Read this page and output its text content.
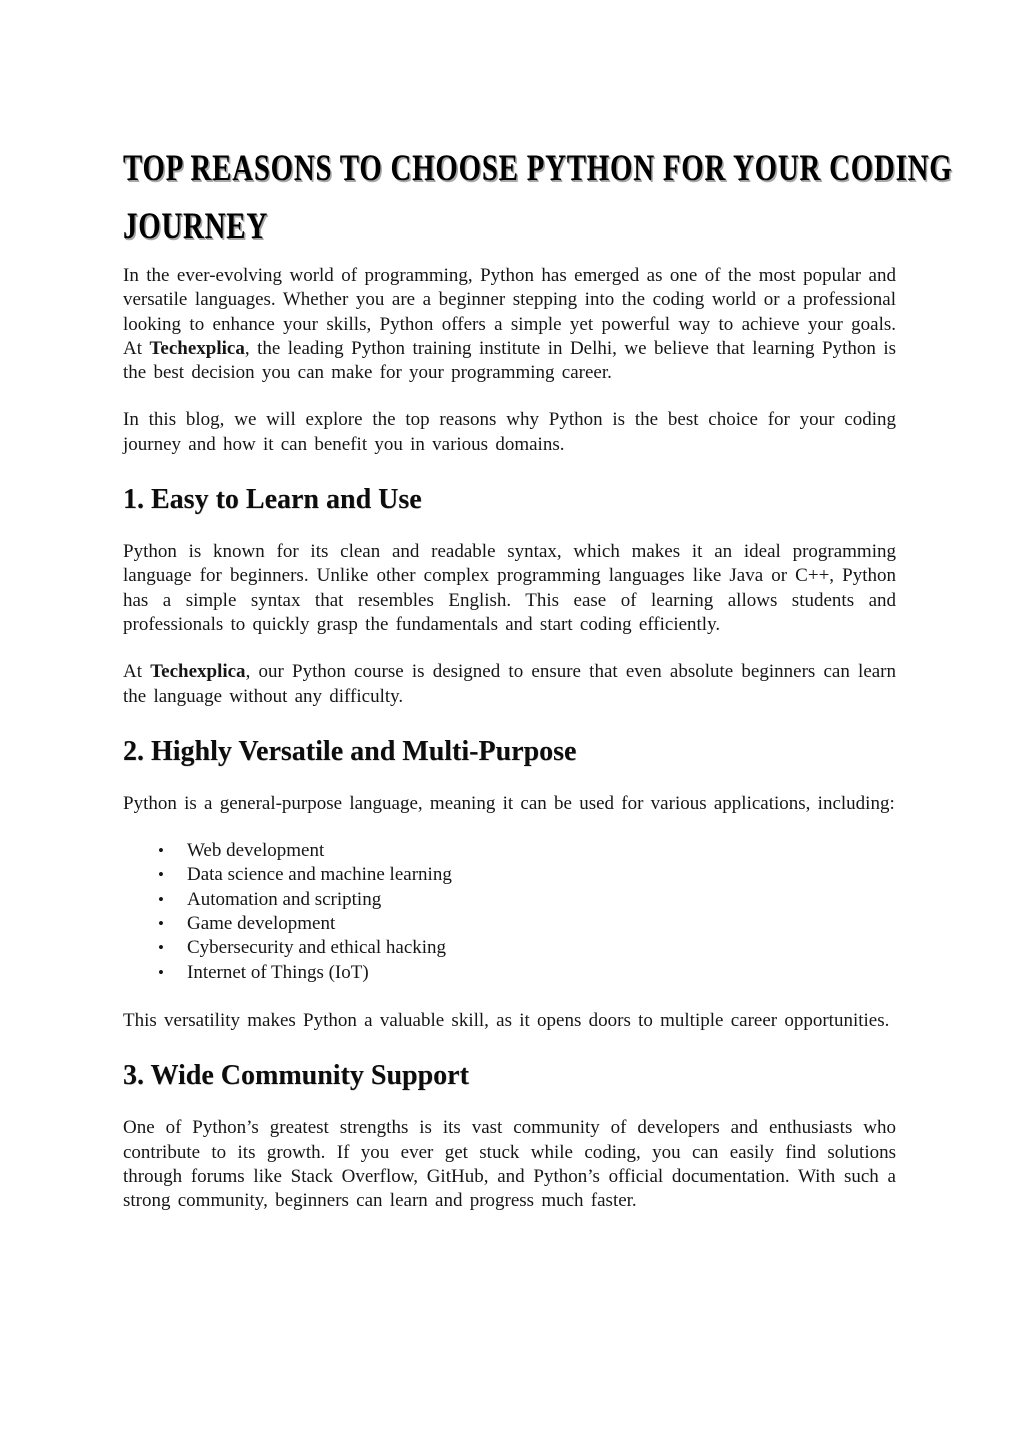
TOP REASONS TO CHOOSE PYTHON FOR YOUR CODING
JOURNEY

In the ever-evolving world of programming, Python has emerged as one of the most popular and versatile languages. Whether you are a beginner stepping into the coding world or a professional looking to enhance your skills, Python offers a simple yet powerful way to achieve your goals. At Techexplica, the leading Python training institute in Delhi, we believe that learning Python is the best decision you can make for your programming career.

In this blog, we will explore the top reasons why Python is the best choice for your coding journey and how it can benefit you in various domains.

1. Easy to Learn and Use

Python is known for its clean and readable syntax, which makes it an ideal programming language for beginners. Unlike other complex programming languages like Java or C++, Python has a simple syntax that resembles English. This ease of learning allows students and professionals to quickly grasp the fundamentals and start coding efficiently.

At Techexplica, our Python course is designed to ensure that even absolute beginners can learn the language without any difficulty.

2. Highly Versatile and Multi-Purpose

Python is a general-purpose language, meaning it can be used for various applications, including:

• Web development
• Data science and machine learning
• Automation and scripting
• Game development
• Cybersecurity and ethical hacking
• Internet of Things (IoT)

This versatility makes Python a valuable skill, as it opens doors to multiple career opportunities.

3. Wide Community Support

One of Python’s greatest strengths is its vast community of developers and enthusiasts who contribute to its growth. If you ever get stuck while coding, you can easily find solutions through forums like Stack Overflow, GitHub, and Python’s official documentation. With such a strong community, beginners can learn and progress much faster.
